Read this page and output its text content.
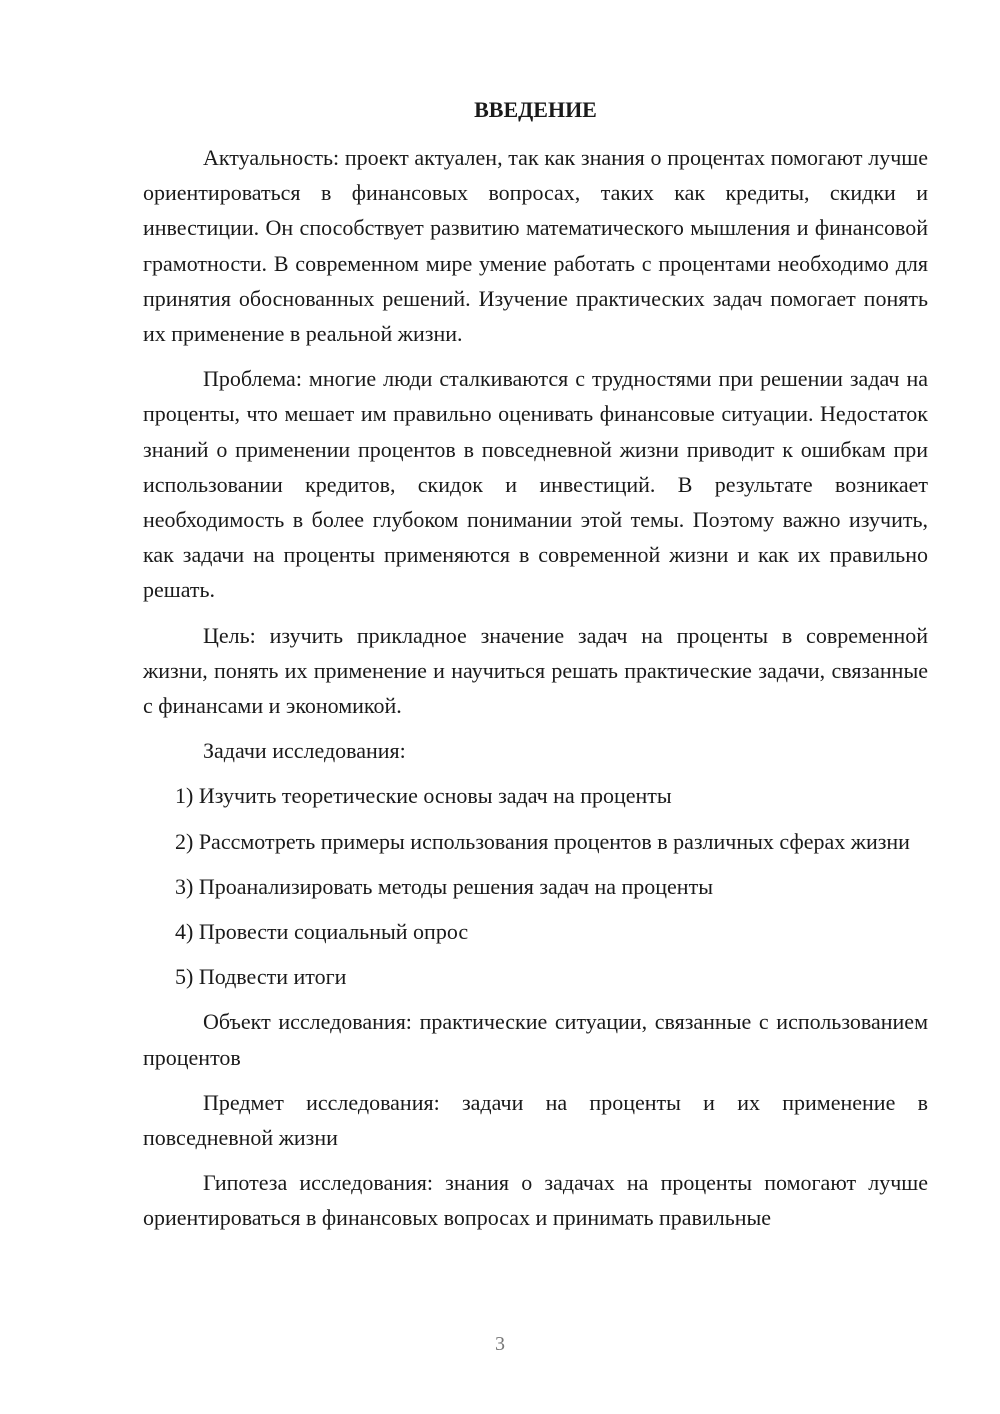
ВВЕДЕНИЕ

Актуальность: проект актуален, так как знания о процентах помогают лучше ориентироваться в финансовых вопросах, таких как кредиты, скидки и инвестиции. Он способствует развитию математического мышления и финансовой грамотности. В современном мире умение работать с процентами необходимо для принятия обоснованных решений. Изучение практических задач помогает понять их применение в реальной жизни.

Проблема: многие люди сталкиваются с трудностями при решении задач на проценты, что мешает им правильно оценивать финансовые ситуации. Недостаток знаний о применении процентов в повседневной жизни приводит к ошибкам при использовании кредитов, скидок и инвестиций. В результате возникает необходимость в более глубоком понимании этой темы. Поэтому важно изучить, как задачи на проценты применяются в современной жизни и как их правильно решать.

Цель: изучить прикладное значение задач на проценты в современной жизни, понять их применение и научиться решать практические задачи, связанные с финансами и экономикой.

Задачи исследования:

1) Изучить теоретические основы задач на проценты

2) Рассмотреть примеры использования процентов в различных сферах жизни

3) Проанализировать методы решения задач на проценты

4) Провести социальный опрос

5) Подвести итоги

Объект исследования: практические ситуации, связанные с использованием процентов

Предмет исследования: задачи на проценты и их применение в повседневной жизни

Гипотеза исследования: знания о задачах на проценты помогают лучше ориентироваться в финансовых вопросах и принимать правильные

3
